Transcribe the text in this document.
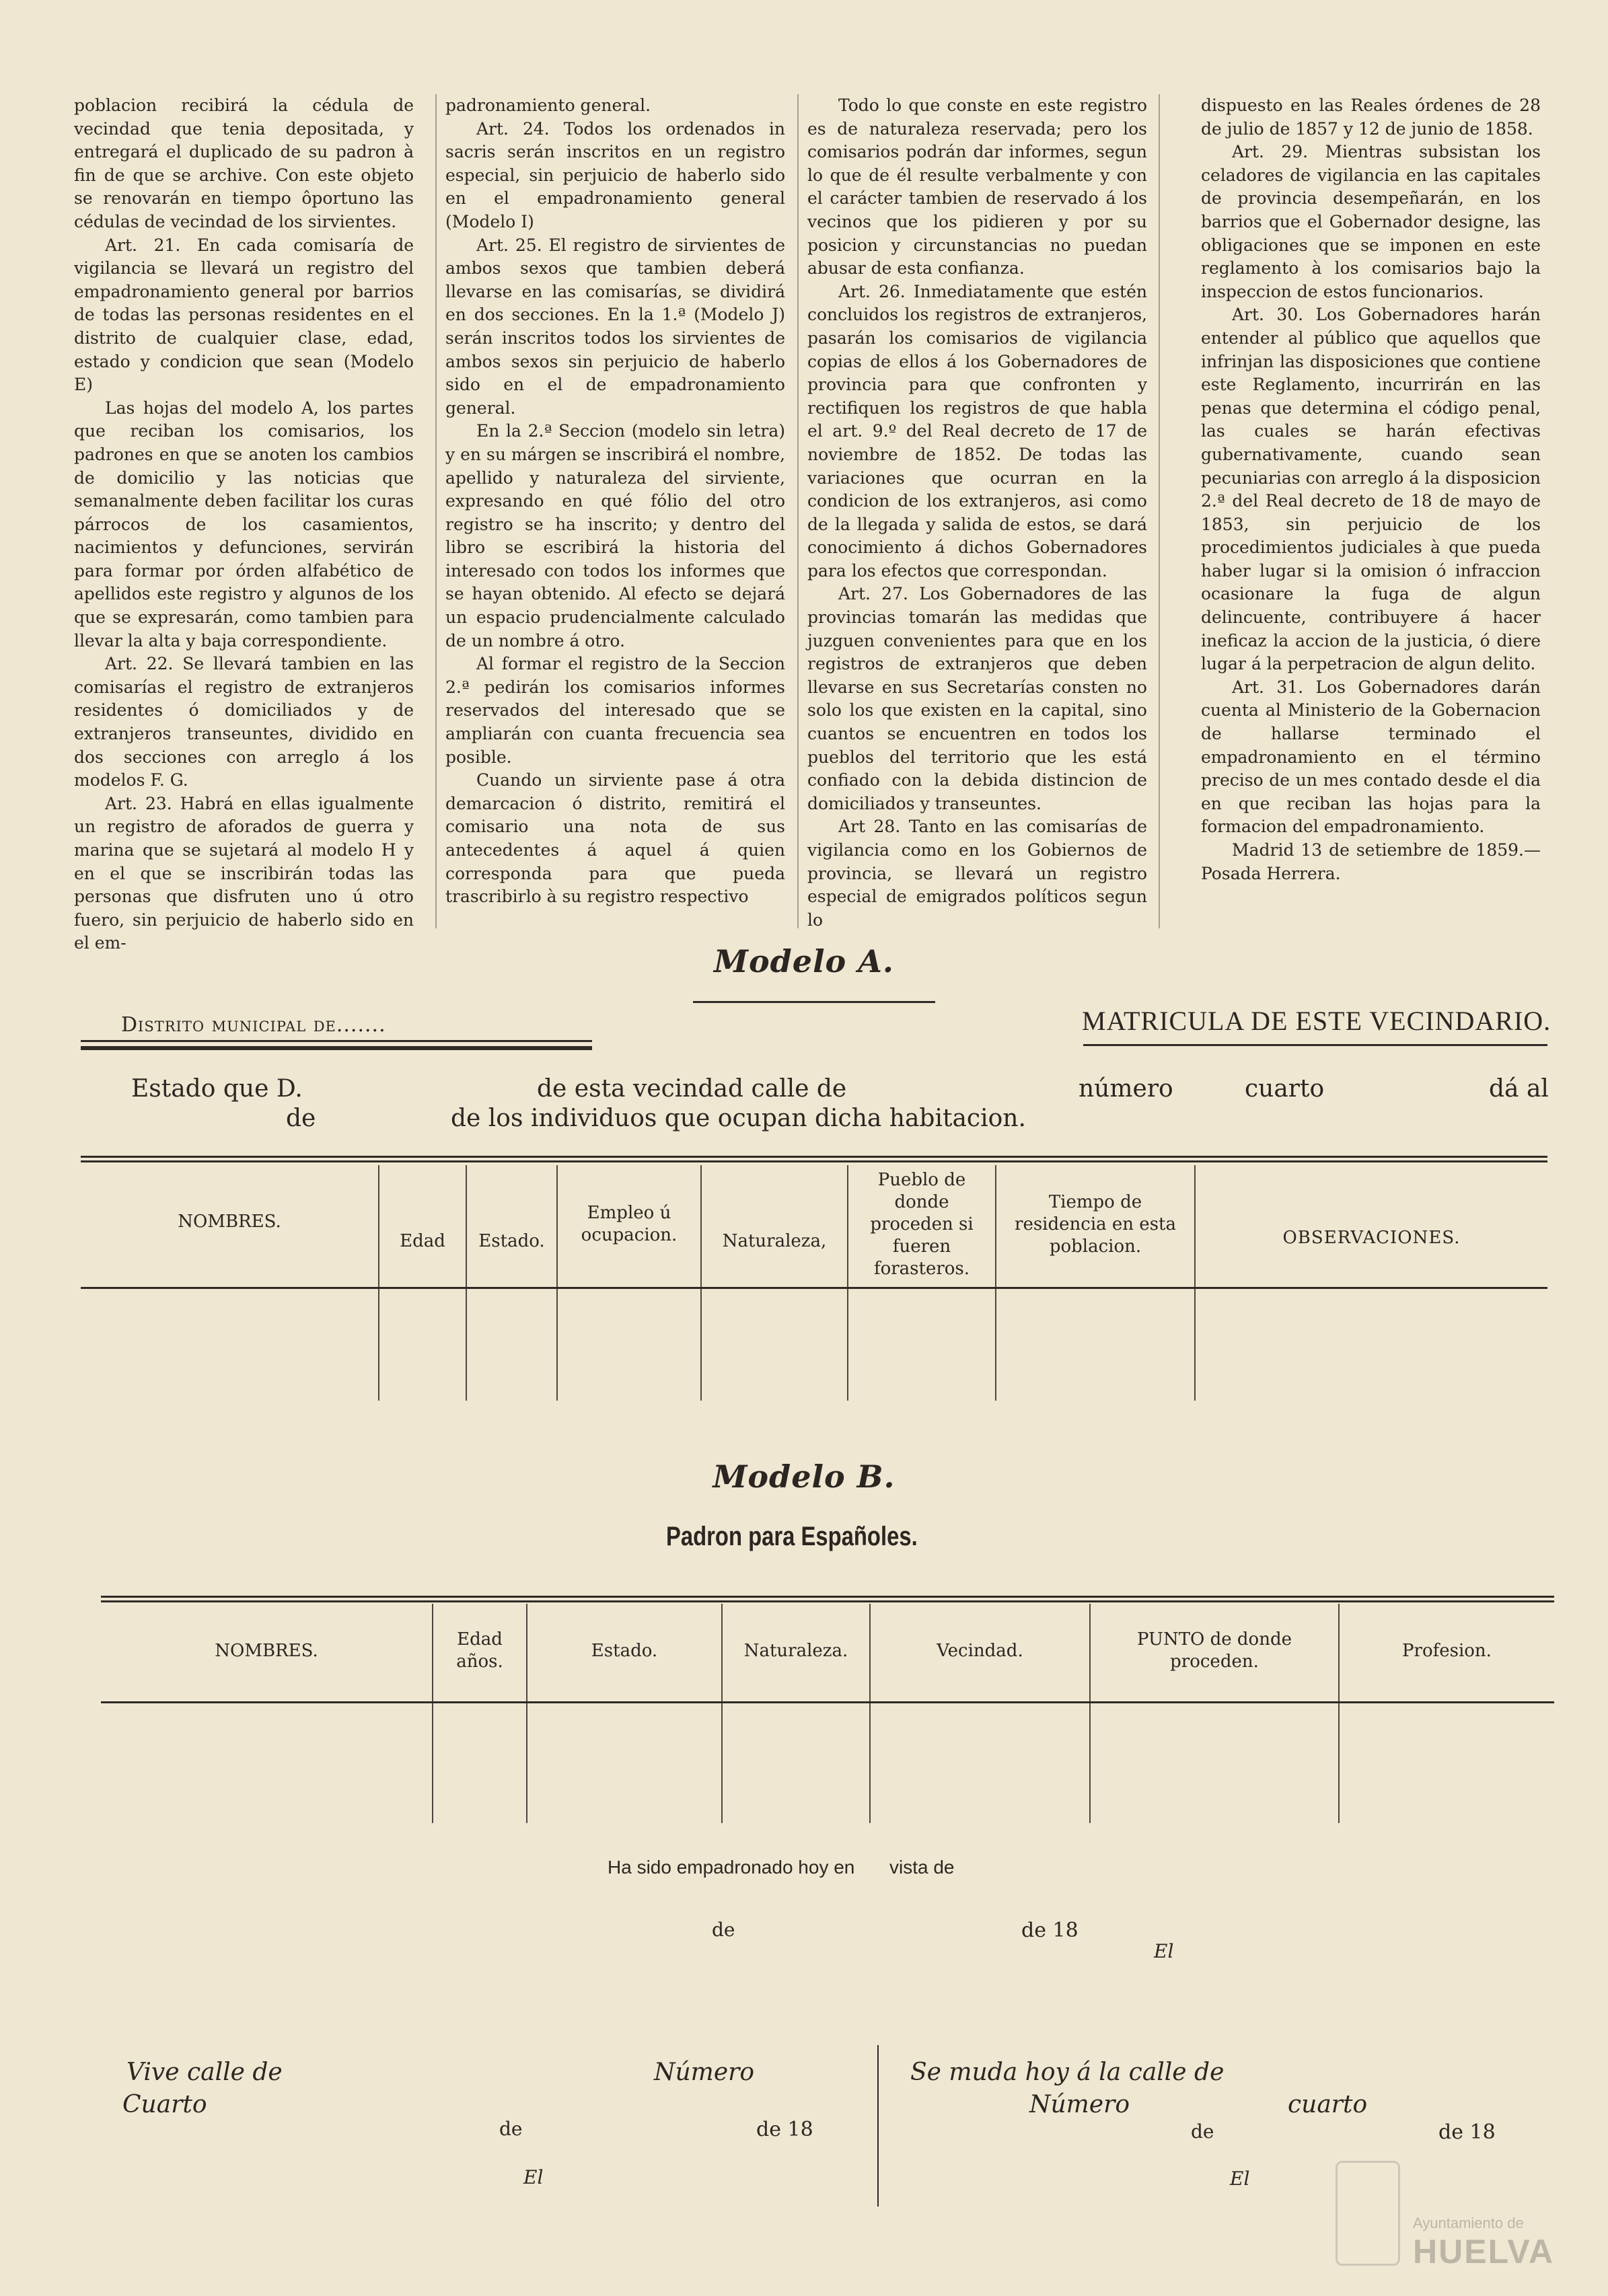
poblacion recibirá la cédula de vecindad que tenia depositada, y entregará el duplicado de su padron à fin de que se archive. Con este objeto se renovarán en tiempo ôportuno las cédulas de vecindad de los sirvientes.

Art. 21. En cada comisaría de vigilancia se llevará un registro del empadronamiento general por barrios de todas las personas residentes en el distrito de cualquier clase, edad, estado y condicion que sean (Modelo E)

Las hojas del modelo A, los partes que reciban los comisarios, los padrones en que se anoten los cambios de domicilio y las noticias que semanalmente deben facilitar los curas párrocos de los casamientos, nacimientos y defunciones, servirán para formar por órden alfabético de apellidos este registro y algunos de los que se expresarán, como tambien para llevar la alta y baja correspondiente.

Art. 22. Se llevará tambien en las comisarías el registro de extranjeros residentes ó domiciliados y de extranjeros transeuntes, dividido en dos secciones con arreglo á los modelos F. G.

Art. 23. Habrá en ellas igualmente un registro de aforados de guerra y marina que se sujetará al modelo H y en el que se inscribirán todas las personas que disfruten uno ú otro fuero, sin perjuicio de haberlo sido en el em-

padronamiento general.

Art. 24. Todos los ordenados in sacris serán inscritos en un registro especial, sin perjuicio de haberlo sido en el empadronamiento general (Modelo I)

Art. 25. El registro de sirvientes de ambos sexos que tambien deberá llevarse en las comisarías, se dividirá en dos secciones. En la 1.ª (Modelo J) serán inscritos todos los sirvientes de ambos sexos sin perjuicio de haberlo sido en el de empadronamiento general.

En la 2.ª Seccion (modelo sin letra) y en su márgen se inscribirá el nombre, apellido y naturaleza del sirviente, expresando en qué fólio del otro registro se ha inscrito; y dentro del libro se escribirá la historia del interesado con todos los informes que se hayan obtenido. Al efecto se dejará un espacio prudencialmente calculado de un nombre á otro.

Al formar el registro de la Seccion 2.ª pedirán los comisarios informes reservados del interesado que se ampliarán con cuanta frecuencia sea posible.

Cuando un sirviente pase á otra demarcacion ó distrito, remitirá el comisario una nota de sus antecedentes á aquel á quien corresponda para que pueda trascribirlo à su registro respectivo

Todo lo que conste en este registro es de naturaleza reservada; pero los comisarios podrán dar informes, segun lo que de él resulte verbalmente y con el carácter tambien de reservado á los vecinos que los pidieren y por su posicion y circunstancias no puedan abusar de esta confianza.

Art. 26. Inmediatamente que estén concluidos los registros de extranjeros, pasarán los comisarios de vigilancia copias de ellos á los Gobernadores de provincia para que confronten y rectifiquen los registros de que habla el art. 9.º del Real decreto de 17 de noviembre de 1852. De todas las variaciones que ocurran en la condicion de los extranjeros, asi como de la llegada y salida de estos, se dará conocimiento á dichos Gobernadores para los efectos que correspondan.

Art. 27. Los Gobernadores de las provincias tomarán las medidas que juzguen convenientes para que en los registros de extranjeros que deben llevarse en sus Secretarías consten no solo los que existen en la capital, sino cuantos se encuentren en todos los pueblos del territorio que les está confiado con la debida distincion de domiciliados y transeuntes.

Art 28. Tanto en las comisarías de vigilancia como en los Gobiernos de provincia, se llevará un registro especial de emigrados políticos segun lo

dispuesto en las Reales órdenes de 28 de julio de 1857 y 12 de junio de 1858.

Art. 29. Mientras subsistan los celadores de vigilancia en las capitales de provincia desempeñarán, en los barrios que el Gobernador designe, las obligaciones que se imponen en este reglamento à los comisarios bajo la inspeccion de estos funcionarios.

Art. 30. Los Gobernadores harán entender al público que aquellos que infrinjan las disposiciones que contiene este Reglamento, incurrirán en las penas que determina el código penal, las cuales se harán efectivas gubernativamente, cuando sean pecuniarias con arreglo á la disposicion 2.ª del Real decreto de 18 de mayo de 1853, sin perjuicio de los procedimientos judiciales à que pueda haber lugar si la omision ó infraccion ocasionare la fuga de algun delincuente, contribuyere á hacer ineficaz la accion de la justicia, ó diere lugar á la perpetracion de algun delito.

Art. 31. Los Gobernadores darán cuenta al Ministerio de la Gobernacion de hallarse terminado el empadronamiento en el término preciso de un mes contado desde el dia en que reciban las hojas para la formacion del empadronamiento.

Madrid 13 de setiembre de 1859.— Posada Herrera.

Modelo A.
Distrito municipal de.......	MATRICULA DE ESTE VECINDARIO.
Estado que D.	de esta vecindad calle de	número	cuarto	dá al
de	de los individuos que ocupan dicha habitacion.
NOMBRES.	Edad	Estado.	Empleo ú ocupacion.	Naturaleza,	Pueblo de donde proceden si fueren forasteros.	Tiempo de residencia en esta poblacion.	OBSERVACIONES.

Modelo B.
Padron para Españoles.
NOMBRES.	Edad años.	Estado.	Naturaleza.	Vecindad.	PUNTO de donde proceden.	Profesion.

Ha sido empadronado hoy en vista de
de	de 18
El
Vive calle de
Cuarto
Número
de	de 18
El
Se muda hoy á la calle de
Número	cuarto
de	de 18
El
Ayuntamiento de
HUELVA
